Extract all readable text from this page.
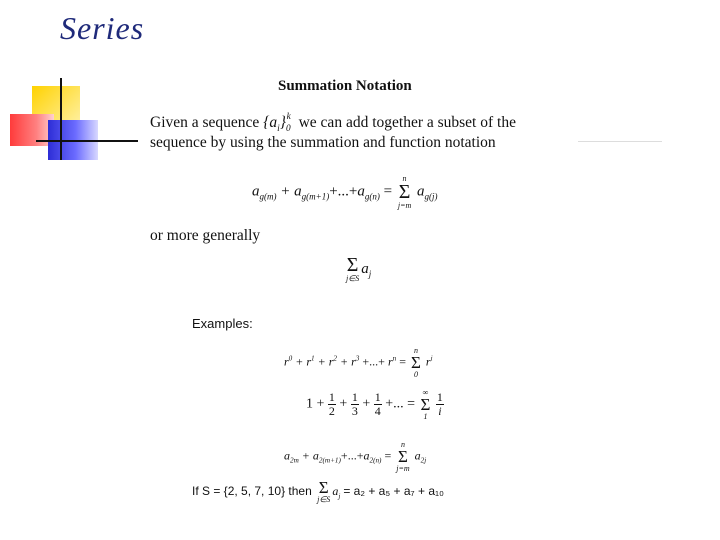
Series
Summation Notation
Given a sequence $\{a_i\}_0^k$ we can add together a subset of the
sequence by using the summation and function notation
$a_{g(m)} + a_{g(m+1)}+...+a_{g(n)}$ =
n
Σ
j=m
$a_{g(j)}$
or more generally
Σ
j∈S
$a_j$
Examples:
$r^0 + r^1 + r^2 + r^3$ +...+ $r^n$ =
n
Σ
0
$r^i$
$1 + \frac{1}{2} + \frac{1}{3} + \frac{1}{4}$ +... =
∞
Σ
1
$\frac{1}{i}$
$a_{2m} + a_{2(m+1)}+...+a_{2(n)}$ =
n
Σ
j=m
$a_{2j}$
If S = {2, 5, 7, 10} then Σ
j∈S
$a_j = a_2 + a_5 + a_7 + a_{10}$
